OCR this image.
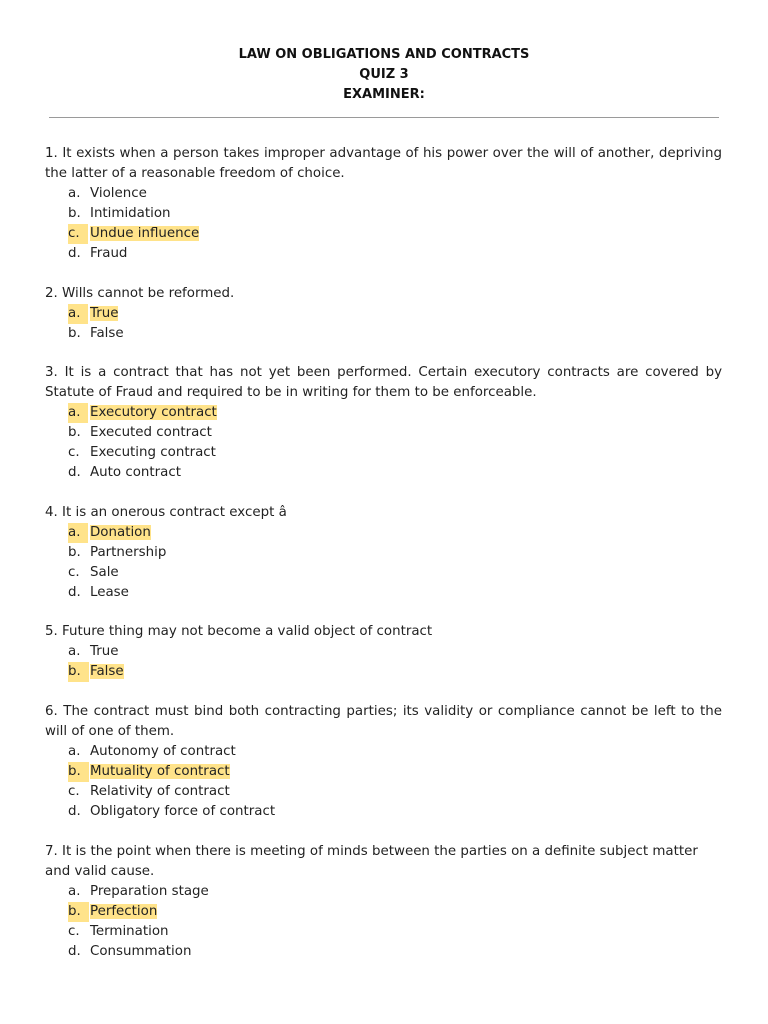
LAW ON OBLIGATIONS AND CONTRACTS
QUIZ 3
EXAMINER:

1. It exists when a person takes improper advantage of his power over the will of another, depriving the latter of a reasonable freedom of choice.

a. Violence
b. Intimidation
c. Undue influence
d. Fraud

2. Wills cannot be reformed.

a. True
b. False

3. It is a contract that has not yet been performed. Certain executory contracts are covered by Statute of Fraud and required to be in writing for them to be enforceable.

a. Executory contract
b. Executed contract
c. Executing contract
d. Auto contract

4. It is an onerous contract except â

a. Donation
b. Partnership
c. Sale
d. Lease

5. Future thing may not become a valid object of contract

a. True
b. False

6. The contract must bind both contracting parties; its validity or compliance cannot be left to the will of one of them.

a. Autonomy of contract
b. Mutuality of contract
c. Relativity of contract
d. Obligatory force of contract

7. It is the point when there is meeting of minds between the parties on a definite subject matter and valid cause.

a. Preparation stage
b. Perfection
c. Termination
d. Consummation
